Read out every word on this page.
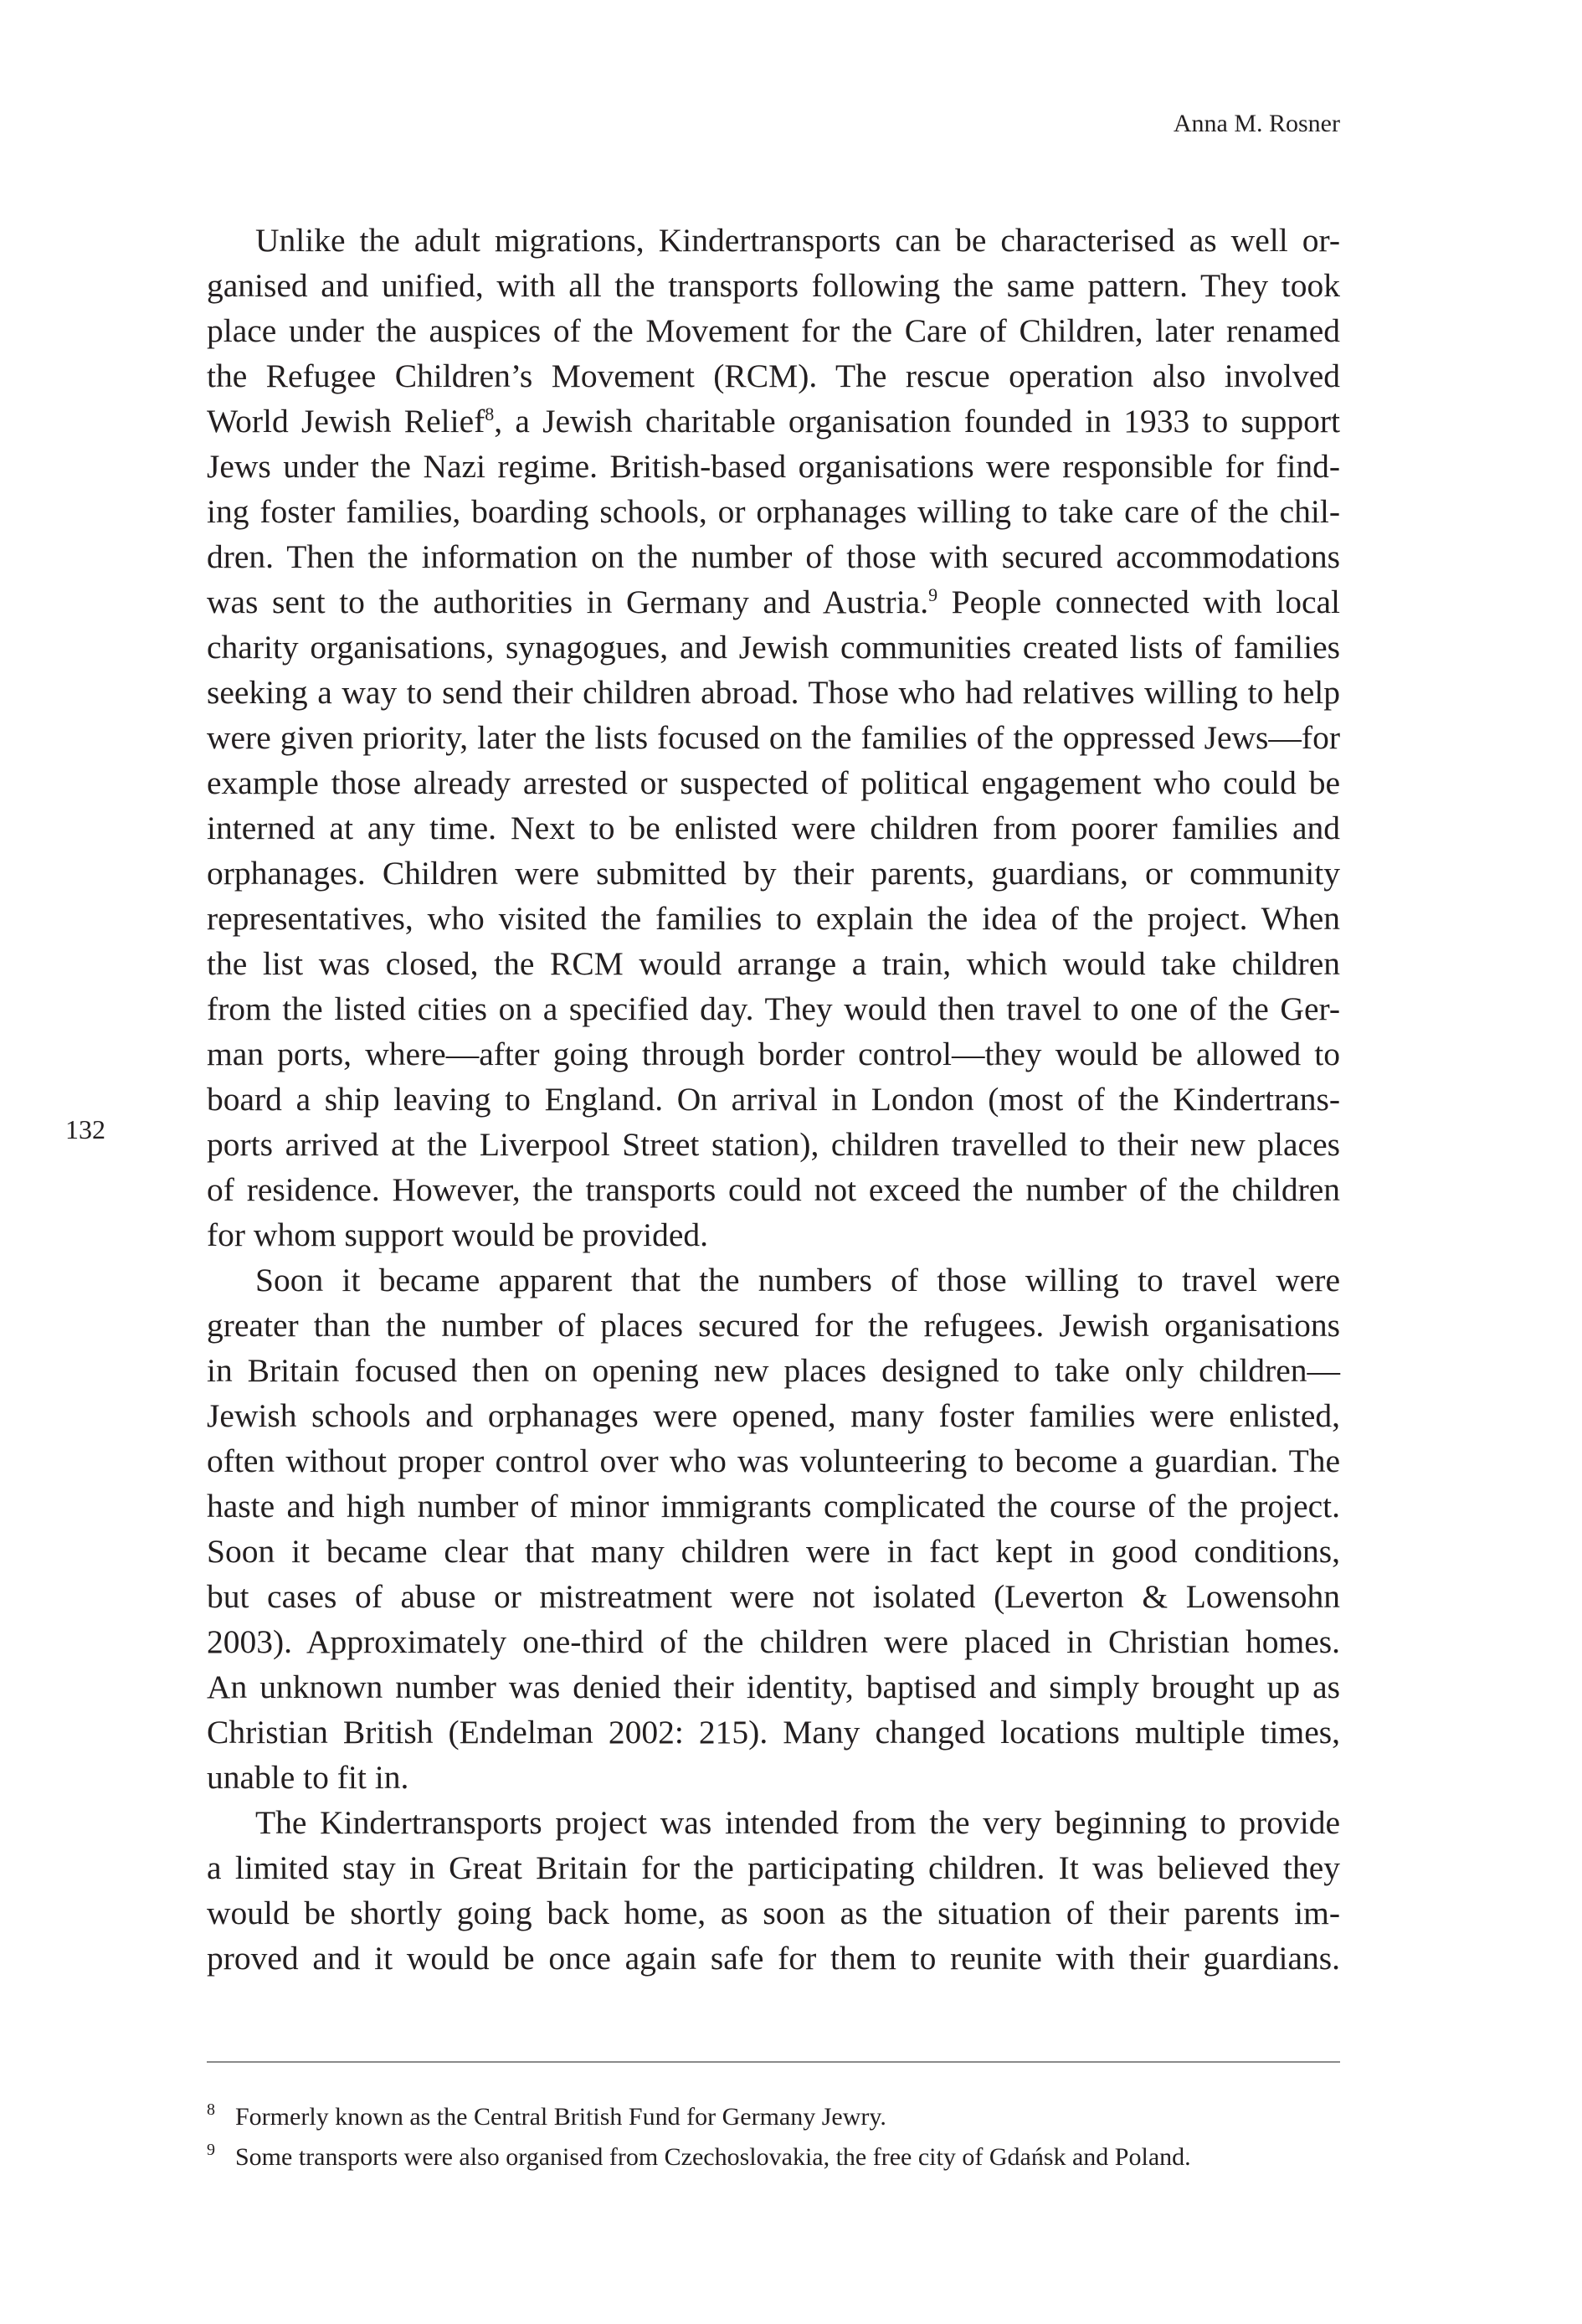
Anna M. Rosner
132
Unlike the adult migrations, Kindertransports can be characterised as well or-
ganised and unified, with all the transports following the same pattern. They took
place under the auspices of the Movement for the Care of Children, later renamed
the Refugee Children’s Movement (RCM). The rescue operation also involved
World Jewish Relief$^8$, a Jewish charitable organisation founded in 1933 to support
Jews under the Nazi regime. British-based organisations were responsible for find-
ing foster families, boarding schools, or orphanages willing to take care of the chil-
dren. Then the information on the number of those with secured accommodations
was sent to the authorities in Germany and Austria.$^9$ People connected with local
charity organisations, synagogues, and Jewish communities created lists of families
seeking a way to send their children abroad. Those who had relatives willing to help
were given priority, later the lists focused on the families of the oppressed Jews—for
example those already arrested or suspected of political engagement who could be
interned at any time. Next to be enlisted were children from poorer families and
orphanages. Children were submitted by their parents, guardians, or community
representatives, who visited the families to explain the idea of the project. When
the list was closed, the RCM would arrange a train, which would take children
from the listed cities on a specified day. They would then travel to one of the Ger-
man ports, where—after going through border control—they would be allowed to
board a ship leaving to England. On arrival in London (most of the Kindertrans-
ports arrived at the Liverpool Street station), children travelled to their new places
of residence. However, the transports could not exceed the number of the children
for whom support would be provided.
Soon it became apparent that the numbers of those willing to travel were
greater than the number of places secured for the refugees. Jewish organisations
in Britain focused then on opening new places designed to take only children—
Jewish schools and orphanages were opened, many foster families were enlisted,
often without proper control over who was volunteering to become a guardian. The
haste and high number of minor immigrants complicated the course of the project.
Soon it became clear that many children were in fact kept in good conditions,
but cases of abuse or mistreatment were not isolated (Leverton & Lowensohn
2003). Approximately one-third of the children were placed in Christian homes.
An unknown number was denied their identity, baptised and simply brought up as
Christian British (Endelman 2002: 215). Many changed locations multiple times,
unable to fit in.
The Kindertransports project was intended from the very beginning to provide
a limited stay in Great Britain for the participating children. It was believed they
would be shortly going back home, as soon as the situation of their parents im-
proved and it would be once again safe for them to reunite with their guardians.
8 Formerly known as the Central British Fund for Germany Jewry.
9 Some transports were also organised from Czechoslovakia, the free city of Gdańsk and Poland.
